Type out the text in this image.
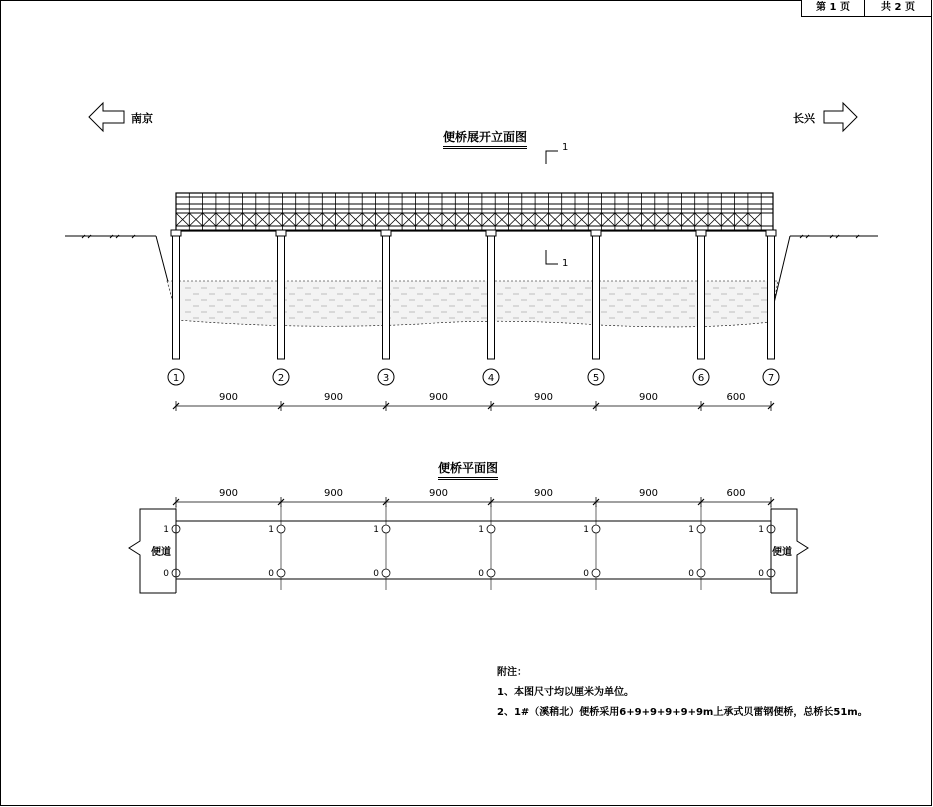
1	2	3	4	5	6	7
900	900	900	900	900	600
900	900	900	900	900	600
1
0
1
0
1
0
1
0
1
0
1
0
1
0
第 1 页	共 2 页
南京	长兴
便桥展开立面图
便桥平面图
1
1
便道	便道
附注：
1、本图尺寸均以厘米为单位。
2、1#（溪稍北）便桥采用6+9+9+9+9+9m上承式贝雷钢便桥，总桥长51m。
